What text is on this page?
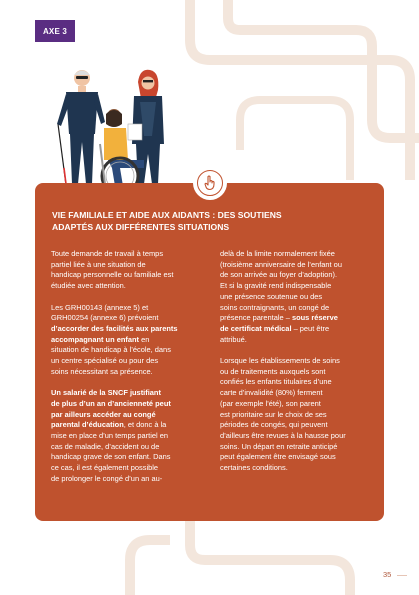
AXE 3
VIE FAMILIALE ET AIDE AUX AIDANTS : DES SOUTIENS
ADAPTÉS AUX DIFFÉRENTES SITUATIONS

Toute demande de travail à temps
partiel liée à une situation de
handicap personnelle ou familiale est
étudiée avec attention.

Les GRH00143 (annexe 5) et
GRH00254 (annexe 6) prévoient
d’accorder des facilités aux parents
accompagnant un enfant en
situation de handicap à l’école, dans
un centre spécialisé ou pour des
soins nécessitant sa présence.

Un salarié de la SNCF justifiant
de plus d’un an d’ancienneté peut
par ailleurs accéder au congé
parental d’éducation, et donc à la
mise en place d’un temps partiel en
cas de maladie, d’accident ou de
handicap grave de son enfant. Dans
ce cas, il est également possible
de prolonger le congé d’un an au-

delà de la limite normalement fixée
(troisième anniversaire de l’enfant ou
de son arrivée au foyer d’adoption).
Et si la gravité rend indispensable
une présence soutenue ou des
soins contraignants, un congé de
présence parentale – sous réserve
de certificat médical – peut être
attribué.

Lorsque les établissements de soins
ou de traitements auxquels sont
confiés les enfants titulaires d’une
carte d’invalidité (80%) ferment
(par exemple l’été), son parent
est prioritaire sur le choix de ses
périodes de congés, qui peuvent
d’ailleurs être revues à la hausse pour
soins. Un départ en retraite anticipé
peut également être envisagé sous
certaines conditions.

35
